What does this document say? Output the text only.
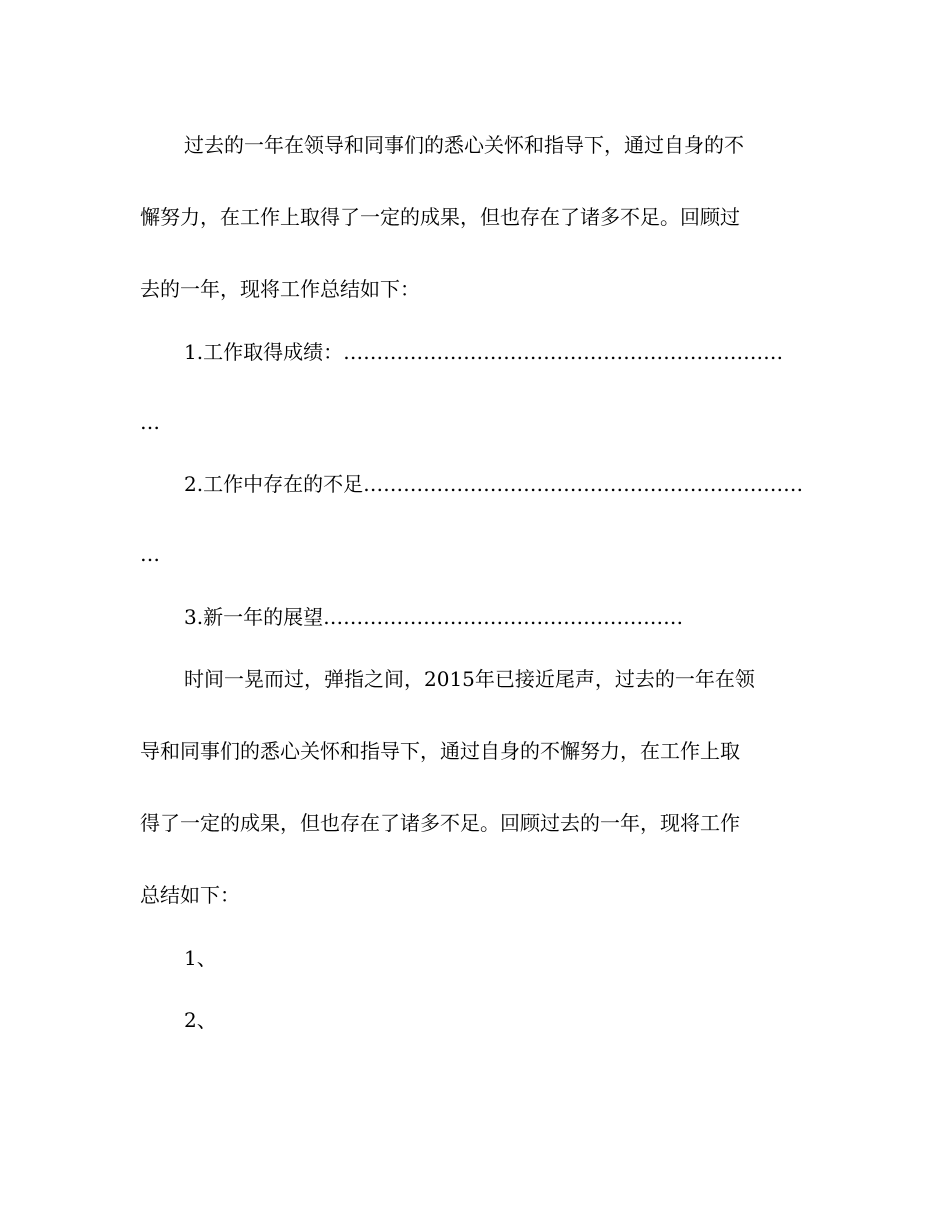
过去的一年在领导和同事们的悉心关怀和指导下，通过自身的不
懈努力，在工作上取得了一定的成果，但也存在了诸多不足。回顾过
去的一年，现将工作总结如下：
1.工作取得成绩：…………………………………………………………
…
2.工作中存在的不足…………………………………………………………
…
3.新一年的展望………………………………………………
时间一晃而过，弹指之间，2015年已接近尾声，过去的一年在领
导和同事们的悉心关怀和指导下，通过自身的不懈努力，在工作上取
得了一定的成果，但也存在了诸多不足。回顾过去的一年，现将工作
总结如下：
1、
2、
